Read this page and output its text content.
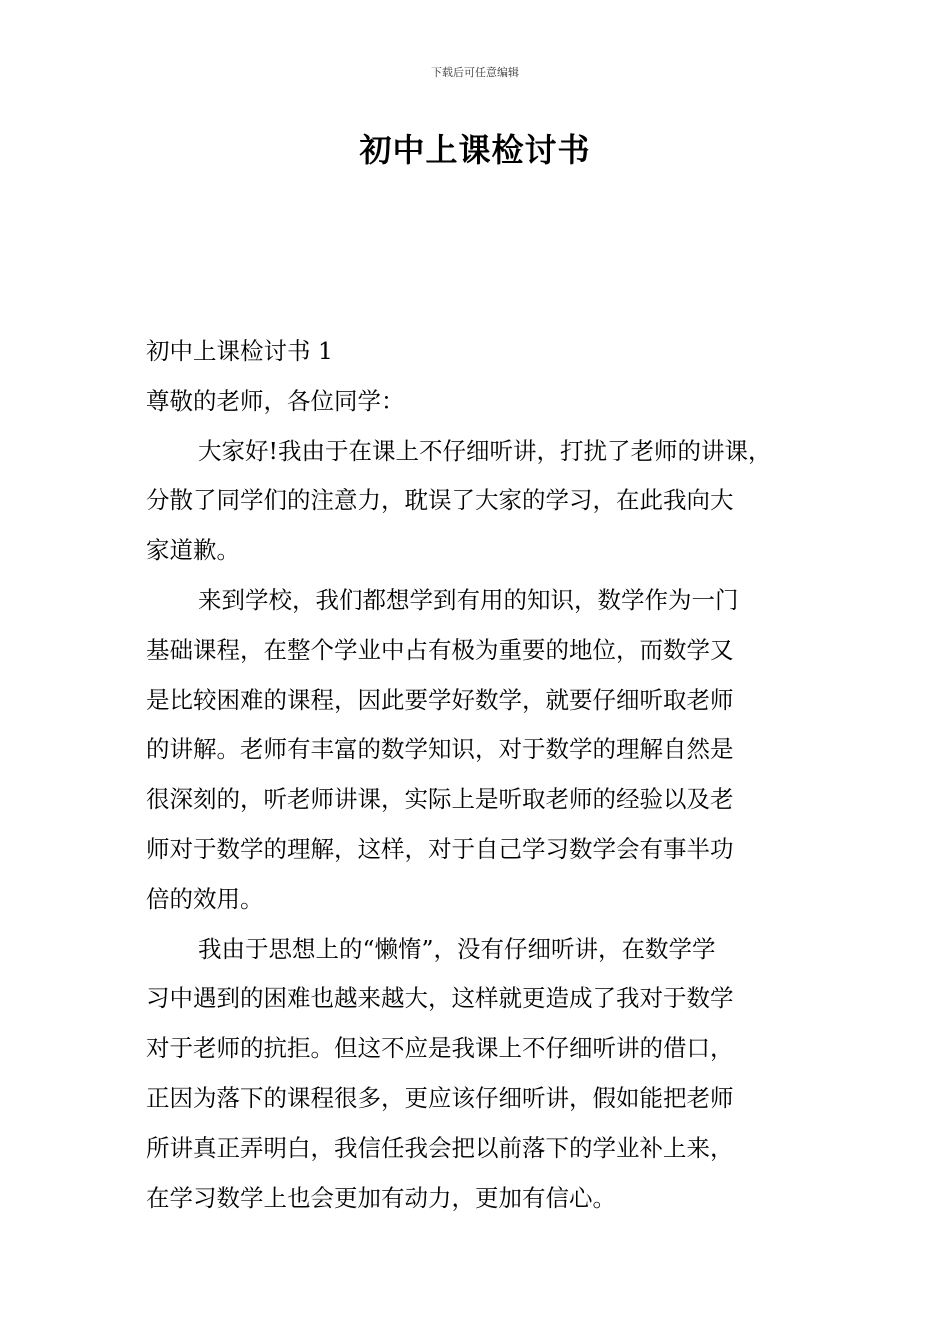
下载后可任意编辑
初中上课检讨书
初中上课检讨书 1
尊敬的老师，各位同学：
大家好!我由于在课上不仔细听讲，打扰了老师的讲课，
分散了同学们的注意力，耽误了大家的学习，在此我向大
家道歉。
来到学校，我们都想学到有用的知识，数学作为一门
基础课程，在整个学业中占有极为重要的地位，而数学又
是比较困难的课程，因此要学好数学，就要仔细听取老师
的讲解。老师有丰富的数学知识，对于数学的理解自然是
很深刻的，听老师讲课，实际上是听取老师的经验以及老
师对于数学的理解，这样，对于自己学习数学会有事半功
倍的效用。
我由于思想上的“懒惰”，没有仔细听讲，在数学学
习中遇到的困难也越来越大，这样就更造成了我对于数学
对于老师的抗拒。但这不应是我课上不仔细听讲的借口，
正因为落下的课程很多，更应该仔细听讲，假如能把老师
所讲真正弄明白，我信任我会把以前落下的学业补上来，
在学习数学上也会更加有动力，更加有信心。
